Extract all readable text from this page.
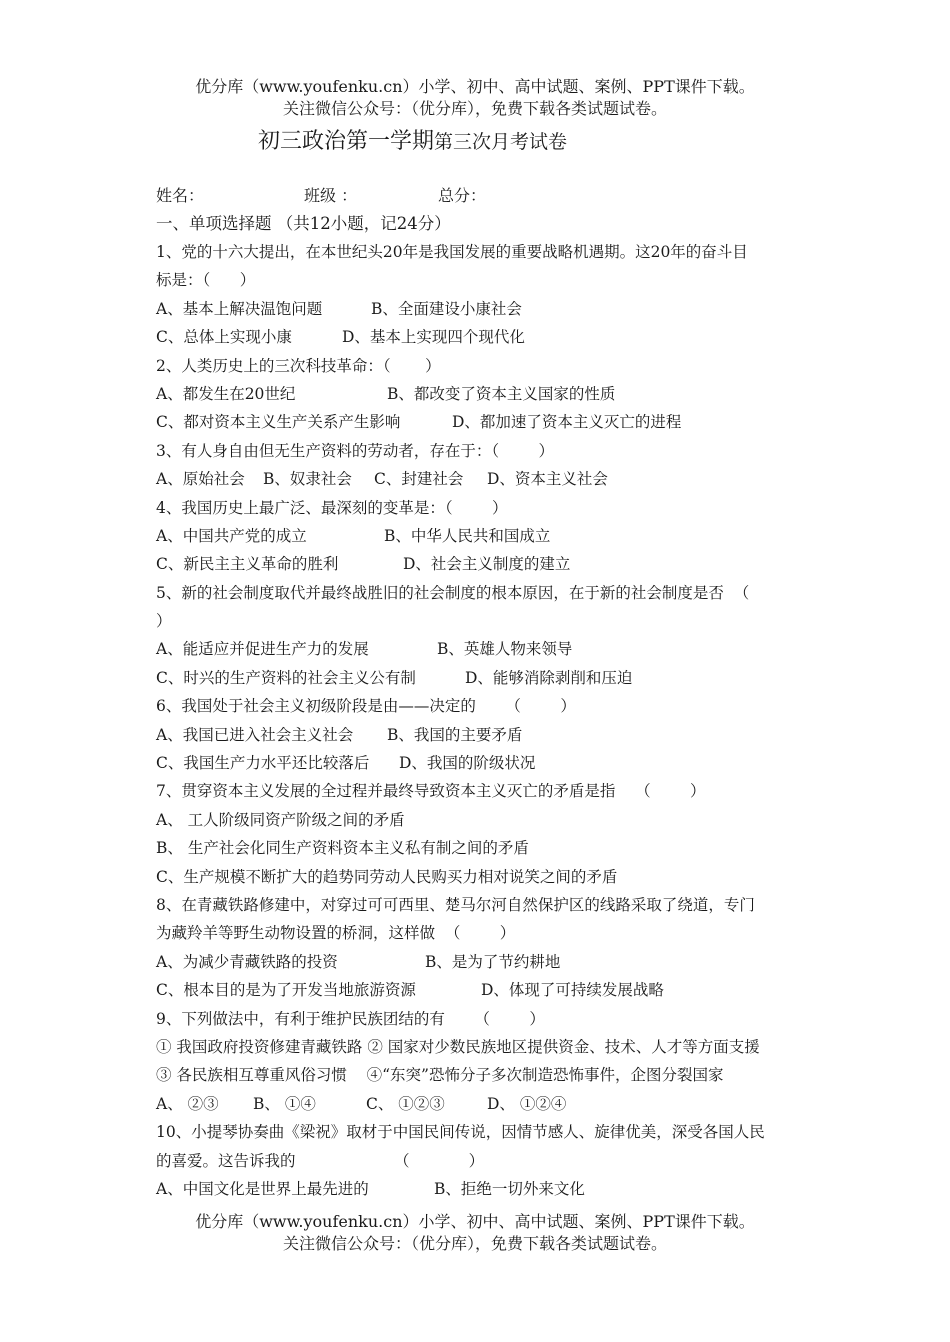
优分库（www.youfenku.cn）小学、初中、高中试题、案例、PPT课件下载。
关注微信公众号：（优分库），免费下载各类试题试卷。
初三政治第一学期第三次月考试卷
姓名：	班级 ：	总分：
一、单项选择题 （共12小题，记24分）
1、党的十六大提出，在本世纪头20年是我国发展的重要战略机遇期。这20年的奋斗目
标是：（      ）
A、基本上解决温饱问题	B、全面建设小康社会
C、总体上实现小康	D、基本上实现四个现代化
2、人类历史上的三次科技革命：（       ）
A、都发生在20世纪	B、都改变了资本主义国家的性质
C、都对资本主义生产关系产生影响	D、都加速了资本主义灭亡的进程
3、有人身自由但无生产资料的劳动者，存在于：（        ）
A、原始社会 B、奴隶社会 C、封建社会 D、资本主义社会
4、我国历史上最广泛、最深刻的变革是：（        ）
A、中国共产党的成立	B、中华人民共和国成立
C、新民主主义革命的胜利	D、社会主义制度的建立
5、新的社会制度取代并最终战胜旧的社会制度的根本原因，在于新的社会制度是否  （
）
A、能适应并促进生产力的发展	B、英雄人物来领导
C、时兴的生产资料的社会主义公有制	D、能够消除剥削和压迫
6、我国处于社会主义初级阶段是由——决定的      （        ）
A、我国已进入社会主义社会 B、我国的主要矛盾
C、我国生产力水平还比较落后 D、我国的阶级状况
7、贯穿资本主义发展的全过程并最终导致资本主义灭亡的矛盾是指    （        ）
A、 工人阶级同资产阶级之间的矛盾
B、 生产社会化同生产资料资本主义私有制之间的矛盾
C、生产规模不断扩大的趋势同劳动人民购买力相对说笑之间的矛盾
8、在青藏铁路修建中，对穿过可可西里、楚马尔河自然保护区的线路采取了绕道，专门
为藏羚羊等野生动物设置的桥洞，这样做  （        ）
A、为减少青藏铁路的投资	B、是为了节约耕地
C、根本目的是为了开发当地旅游资源	D、体现了可持续发展战略
9、下列做法中，有利于维护民族团结的有      （        ）
① 我国政府投资修建青藏铁路 ② 国家对少数民族地区提供资金、技术、人才等方面支援
③ 各民族相互尊重风俗习惯    ④“东突”恐怖分子多次制造恐怖事件，企图分裂国家
A、 ②③ B、 ①④	C、 ①②③	D、 ①②④
10、小提琴协奏曲《梁祝》取材于中国民间传说，因情节感人、旋律优美，深受各国人民
的喜爱。这告诉我的                    （            ）
A、中国文化是世界上最先进的	B、拒绝一切外来文化
优分库（www.youfenku.cn）小学、初中、高中试题、案例、PPT课件下载。
关注微信公众号：（优分库），免费下载各类试题试卷。
